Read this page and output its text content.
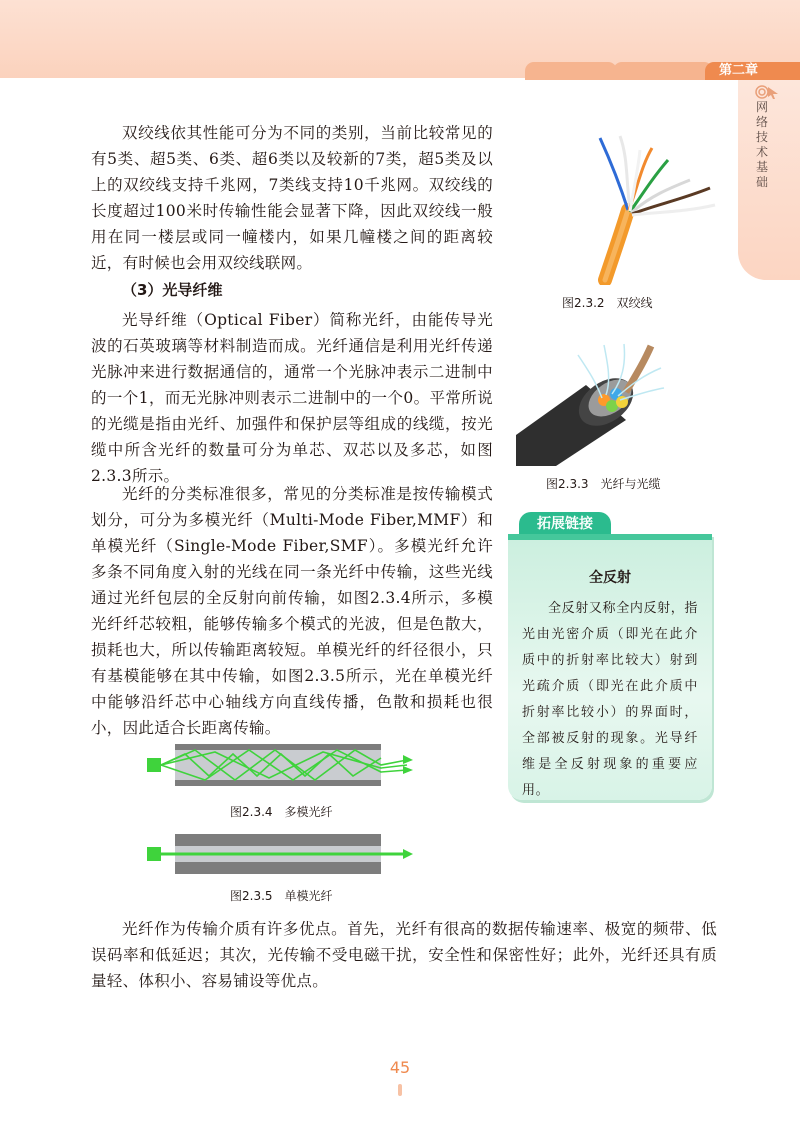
第二章
网络技术基础

双绞线依其性能可分为不同的类别，当前比较常见的有5类、超5类、6类、超6类以及较新的7类，超5类及以上的双绞线支持千兆网，7类线支持10千兆网。双绞线的长度超过100米时传输性能会显著下降，因此双绞线一般用在同一楼层或同一幢楼内，如果几幢楼之间的距离较近，有时候也会用双绞线联网。

（3）光导纤维

光导纤维（Optical Fiber）简称光纤，由能传导光波的石英玻璃等材料制造而成。光纤通信是利用光纤传递光脉冲来进行数据通信的，通常一个光脉冲表示二进制中的一个1，而无光脉冲则表示二进制中的一个0。平常所说的光缆是指由光纤、加强件和保护层等组成的线缆，按光缆中所含光纤的数量可分为单芯、双芯以及多芯，如图2.3.3所示。

光纤的分类标准很多，常见的分类标准是按传输模式划分，可分为多模光纤（Multi-Mode Fiber,MMF）和单模光纤（Single-Mode Fiber,SMF）。多模光纤允许多条不同角度入射的光线在同一条光纤中传输，这些光线通过光纤包层的全反射向前传输，如图2.3.4所示，多模光纤纤芯较粗，能够传输多个模式的光波，但是色散大，损耗也大，所以传输距离较短。单模光纤的纤径很小，只有基模能够在其中传输，如图2.3.5所示，光在单模光纤中能够沿纤芯中心轴线方向直线传播，色散和损耗也很小，因此适合长距离传输。

图2.3.2　双绞线
图2.3.3　光纤与光缆
拓展链接
全反射

全反射又称全内反射，指光由光密介质（即光在此介质中的折射率比较大）射到光疏介质（即光在此介质中折射率比较小）的界面时，全部被反射的现象。光导纤维是全反射现象的重要应用。

图2.3.4　多模光纤
图2.3.5　单模光纤

光纤作为传输介质有许多优点。首先，光纤有很高的数据传输速率、极宽的频带、低误码率和低延迟；其次，光传输不受电磁干扰，安全性和保密性好；此外，光纤还具有质量轻、体积小、容易铺设等优点。

45
